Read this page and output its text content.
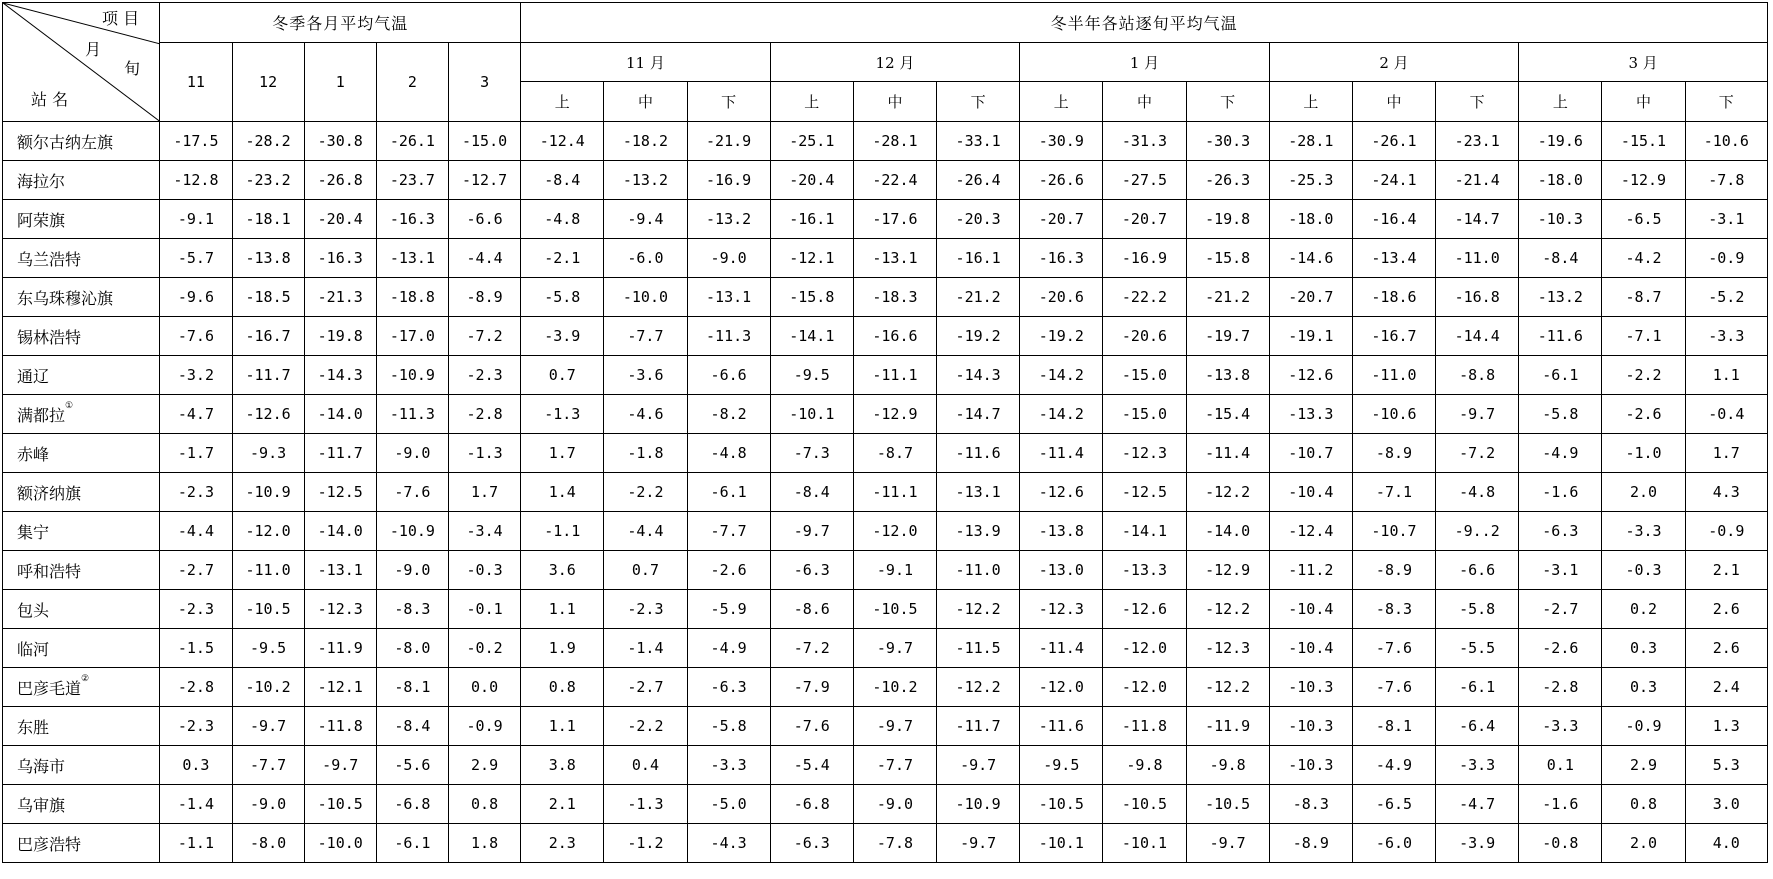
项 目
月
旬
站 名	冬季各月平均气温					冬半年各站逐旬平均气温														
	11	12	1	2	3	11 月			12 月			1 月			2 月			3 月		
						上	中	下	上	中	下	上	中	下	上	中	下	上	中	下
额尔古纳左旗	-17.5	-28.2	-30.8	-26.1	-15.0	-12.4	-18.2	-21.9	-25.1	-28.1	-33.1	-30.9	-31.3	-30.3	-28.1	-26.1	-23.1	-19.6	-15.1	-10.6
海拉尔	-12.8	-23.2	-26.8	-23.7	-12.7	-8.4	-13.2	-16.9	-20.4	-22.4	-26.4	-26.6	-27.5	-26.3	-25.3	-24.1	-21.4	-18.0	-12.9	-7.8
阿荣旗	-9.1	-18.1	-20.4	-16.3	-6.6	-4.8	-9.4	-13.2	-16.1	-17.6	-20.3	-20.7	-20.7	-19.8	-18.0	-16.4	-14.7	-10.3	-6.5	-3.1
乌兰浩特	-5.7	-13.8	-16.3	-13.1	-4.4	-2.1	-6.0	-9.0	-12.1	-13.1	-16.1	-16.3	-16.9	-15.8	-14.6	-13.4	-11.0	-8.4	-4.2	-0.9
东乌珠穆沁旗	-9.6	-18.5	-21.3	-18.8	-8.9	-5.8	-10.0	-13.1	-15.8	-18.3	-21.2	-20.6	-22.2	-21.2	-20.7	-18.6	-16.8	-13.2	-8.7	-5.2
锡林浩特	-7.6	-16.7	-19.8	-17.0	-7.2	-3.9	-7.7	-11.3	-14.1	-16.6	-19.2	-19.2	-20.6	-19.7	-19.1	-16.7	-14.4	-11.6	-7.1	-3.3
通辽	-3.2	-11.7	-14.3	-10.9	-2.3	0.7	-3.6	-6.6	-9.5	-11.1	-14.3	-14.2	-15.0	-13.8	-12.6	-11.0	-8.8	-6.1	-2.2	1.1
满都拉①	-4.7	-12.6	-14.0	-11.3	-2.8	-1.3	-4.6	-8.2	-10.1	-12.9	-14.7	-14.2	-15.0	-15.4	-13.3	-10.6	-9.7	-5.8	-2.6	-0.4
赤峰	-1.7	-9.3	-11.7	-9.0	-1.3	1.7	-1.8	-4.8	-7.3	-8.7	-11.6	-11.4	-12.3	-11.4	-10.7	-8.9	-7.2	-4.9	-1.0	1.7
额济纳旗	-2.3	-10.9	-12.5	-7.6	1.7	1.4	-2.2	-6.1	-8.4	-11.1	-13.1	-12.6	-12.5	-12.2	-10.4	-7.1	-4.8	-1.6	2.0	4.3
集宁	-4.4	-12.0	-14.0	-10.9	-3.4	-1.1	-4.4	-7.7	-9.7	-12.0	-13.9	-13.8	-14.1	-14.0	-12.4	-10.7	-9..2	-6.3	-3.3	-0.9
呼和浩特	-2.7	-11.0	-13.1	-9.0	-0.3	3.6	0.7	-2.6	-6.3	-9.1	-11.0	-13.0	-13.3	-12.9	-11.2	-8.9	-6.6	-3.1	-0.3	2.1
包头	-2.3	-10.5	-12.3	-8.3	-0.1	1.1	-2.3	-5.9	-8.6	-10.5	-12.2	-12.3	-12.6	-12.2	-10.4	-8.3	-5.8	-2.7	0.2	2.6
临河	-1.5	-9.5	-11.9	-8.0	-0.2	1.9	-1.4	-4.9	-7.2	-9.7	-11.5	-11.4	-12.0	-12.3	-10.4	-7.6	-5.5	-2.6	0.3	2.6
巴彦毛道②	-2.8	-10.2	-12.1	-8.1	0.0	0.8	-2.7	-6.3	-7.9	-10.2	-12.2	-12.0	-12.0	-12.2	-10.3	-7.6	-6.1	-2.8	0.3	2.4
东胜	-2.3	-9.7	-11.8	-8.4	-0.9	1.1	-2.2	-5.8	-7.6	-9.7	-11.7	-11.6	-11.8	-11.9	-10.3	-8.1	-6.4	-3.3	-0.9	1.3
乌海市	0.3	-7.7	-9.7	-5.6	2.9	3.8	0.4	-3.3	-5.4	-7.7	-9.7	-9.5	-9.8	-9.8	-10.3	-4.9	-3.3	0.1	2.9	5.3
乌审旗	-1.4	-9.0	-10.5	-6.8	0.8	2.1	-1.3	-5.0	-6.8	-9.0	-10.9	-10.5	-10.5	-10.5	-8.3	-6.5	-4.7	-1.6	0.8	3.0
巴彦浩特	-1.1	-8.0	-10.0	-6.1	1.8	2.3	-1.2	-4.3	-6.3	-7.8	-9.7	-10.1	-10.1	-9.7	-8.9	-6.0	-3.9	-0.8	2.0	4.0
